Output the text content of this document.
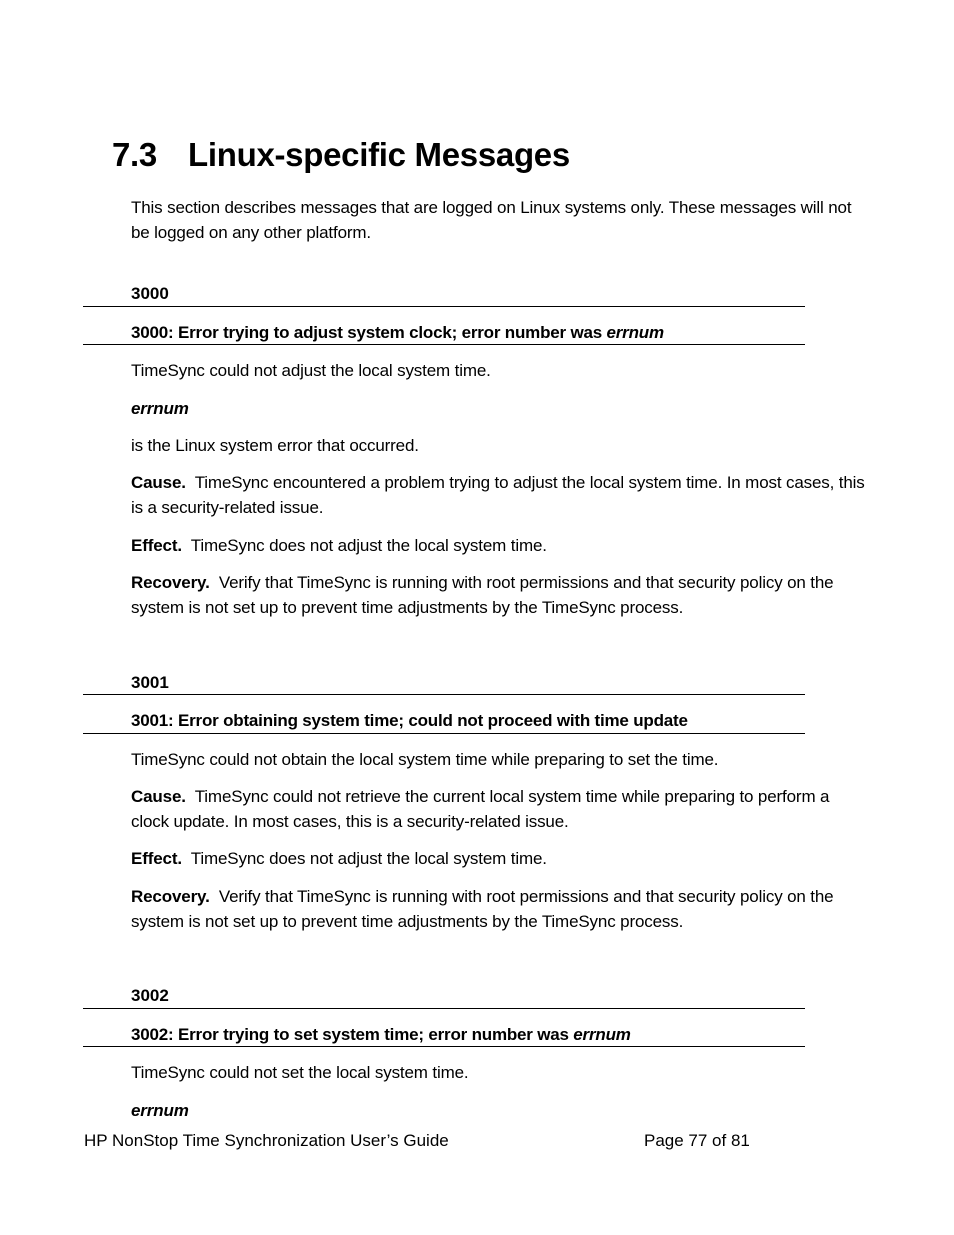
7.3 Linux-specific Messages

This section describes messages that are logged on Linux systems only. These messages will not be logged on any other platform.

3000
3000: Error trying to adjust system clock; error number was errnum

TimeSync could not adjust the local system time.

errnum

is the Linux system error that occurred.

Cause. TimeSync encountered a problem trying to adjust the local system time. In most cases, this is a security-related issue.

Effect. TimeSync does not adjust the local system time.

Recovery. Verify that TimeSync is running with root permissions and that security policy on the system is not set up to prevent time adjustments by the TimeSync process.

3001
3001: Error obtaining system time; could not proceed with time update

TimeSync could not obtain the local system time while preparing to set the time.

Cause. TimeSync could not retrieve the current local system time while preparing to perform a clock update. In most cases, this is a security-related issue.

Effect. TimeSync does not adjust the local system time.

Recovery. Verify that TimeSync is running with root permissions and that security policy on the system is not set up to prevent time adjustments by the TimeSync process.

3002
3002: Error trying to set system time; error number was errnum

TimeSync could not set the local system time.

errnum

HP NonStop Time Synchronization User’s Guide	Page 77 of 81
